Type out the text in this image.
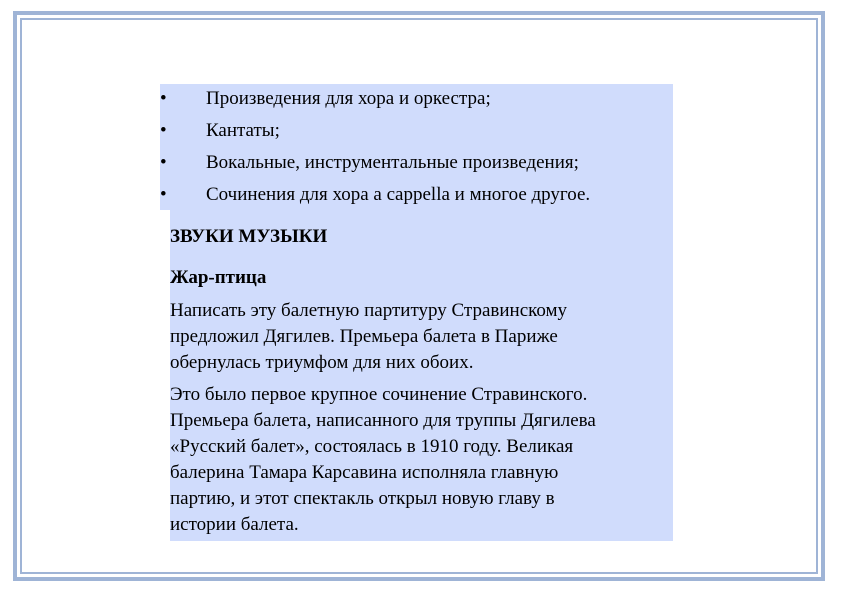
• Произведения для хора и оркестра;
• Кантаты;
• Вокальные, инструментальные произведения;
• Сочинения для хора a cappella и многое другое.
ЗВУКИ МУЗЫКИ
Жар-птица

Написать эту балетную партитуру Стравинскому
предложил Дягилев. Премьера балета в Париже
обернулась триумфом для них обоих.

Это было первое крупное сочинение Стравинского.
Премьера балета, написанного для труппы Дягилева
«Русский балет», состоялась в 1910 году. Великая
балерина Тамара Карсавина исполняла главную
партию, и этот спектакль открыл новую главу в
истории балета.
